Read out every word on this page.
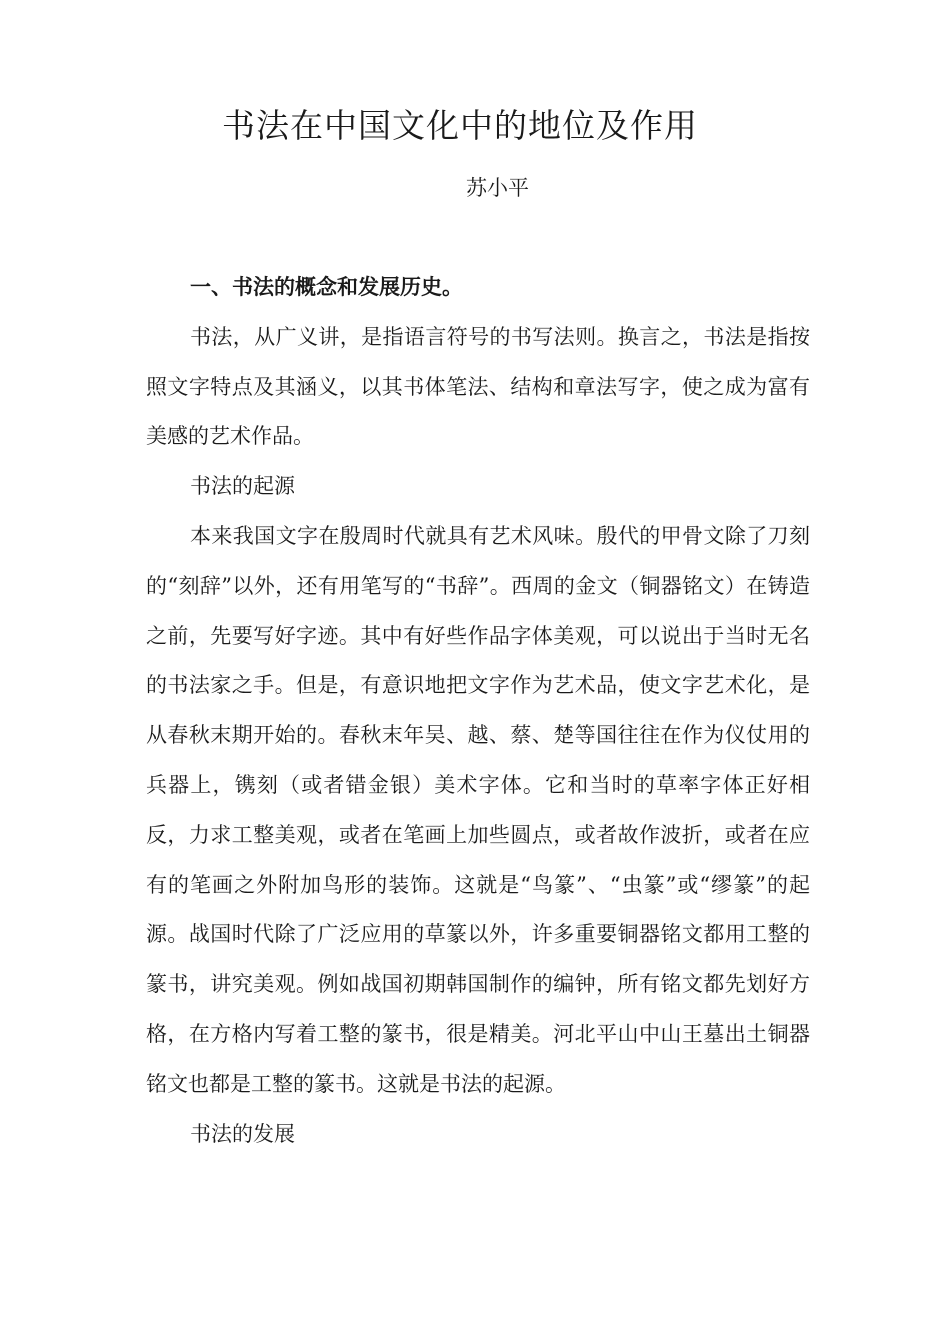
书法在中国文化中的地位及作用
苏小平

一、书法的概念和发展历史。

书法，从广义讲，是指语言符号的书写法则。换言之，书法是指按照文字特点及其涵义，以其书体笔法、结构和章法写字，使之成为富有美感的艺术作品。

书法的起源

本来我国文字在殷周时代就具有艺术风味。殷代的甲骨文除了刀刻的“刻辞”以外，还有用笔写的“书辞”。西周的金文（铜器铭文）在铸造之前，先要写好字迹。其中有好些作品字体美观，可以说出于当时无名的书法家之手。但是，有意识地把文字作为艺术品，使文字艺术化，是从春秋末期开始的。春秋末年吴、越、蔡、楚等国往往在作为仪仗用的兵器上，镌刻（或者错金银）美术字体。它和当时的草率字体正好相反，力求工整美观，或者在笔画上加些圆点，或者故作波折，或者在应有的笔画之外附加鸟形的装饰。这就是“鸟篆”、“虫篆”或“缪篆”的起源。战国时代除了广泛应用的草篆以外，许多重要铜器铭文都用工整的篆书，讲究美观。例如战国初期韩国制作的编钟，所有铭文都先划好方格，在方格内写着工整的篆书，很是精美。河北平山中山王墓出土铜器铭文也都是工整的篆书。这就是书法的起源。

书法的发展
